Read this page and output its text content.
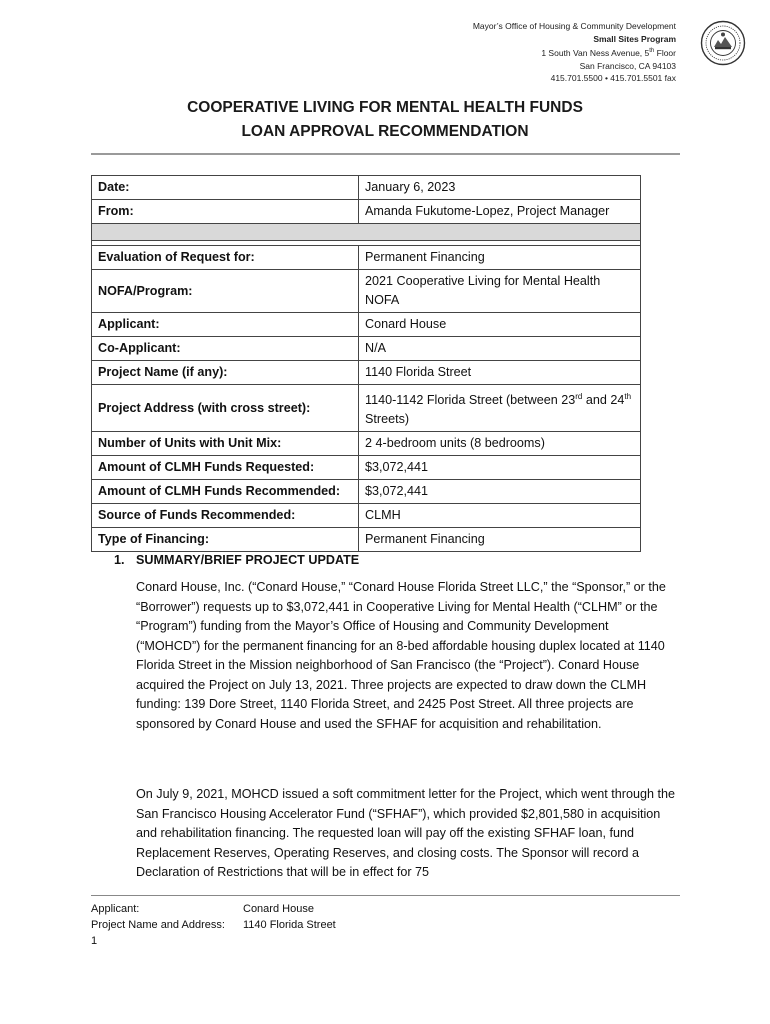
Mayor’s Office of Housing & Community Development
Small Sites Program
1 South Van Ness Avenue, 5th Floor
San Francisco, CA 94103
415.701.5500 • 415.701.5501 fax
COOPERATIVE LIVING FOR MENTAL HEALTH FUNDS
LOAN APPROVAL RECOMMENDATION
Date:	January 6, 2023
From:	Amanda Fukutome-Lopez, Project Manager

Evaluation of Request for:	Permanent Financing
NOFA/Program:	2021 Cooperative Living for Mental Health NOFA
Applicant:	Conard House
Co-Applicant:	N/A
Project Name (if any):	1140 Florida Street
Project Address (with cross street):	1140-1142 Florida Street (between 23rd and 24th Streets)
Number of Units with Unit Mix:	2 4-bedroom units (8 bedrooms)
Amount of CLMH Funds Requested:	$3,072,441
Amount of CLMH Funds Recommended:	$3,072,441
Source of Funds Recommended:	CLMH
Type of Financing:	Permanent Financing
1. SUMMARY/BRIEF PROJECT UPDATE
Conard House, Inc. (“Conard House,” “Conard House Florida Street LLC,” the “Sponsor,” or the “Borrower”) requests up to $3,072,441 in Cooperative Living for Mental Health (“CLHM” or the “Program”) funding from the Mayor’s Office of Housing and Community Development (“MOHCD”) for the permanent financing for an 8-bed affordable housing duplex located at 1140 Florida Street in the Mission neighborhood of San Francisco (the “Project”). Conard House acquired the Project on July 13, 2021. Three projects are expected to draw down the CLMH funding: 139 Dore Street, 1140 Florida Street, and 2425 Post Street. All three projects are sponsored by Conard House and used the SFHAF for acquisition and rehabilitation.
On July 9, 2021, MOHCD issued a soft commitment letter for the Project, which went through the San Francisco Housing Accelerator Fund (“SFHAF”), which provided $2,801,580 in acquisition and rehabilitation financing. The requested loan will pay off the existing SFHAF loan, fund Replacement Reserves, Operating Reserves, and closing costs. The Sponsor will record a Declaration of Restrictions that will be in effect for 75
Applicant:	Conard House
Project Name and Address:	1140 Florida Street
1
